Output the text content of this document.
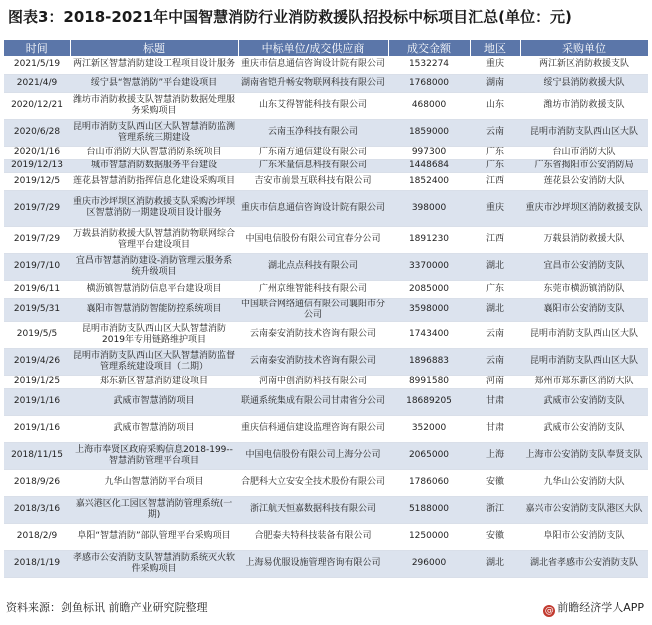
图表3：2018-2021年中国智慧消防行业消防救援队招投标中标项目汇总(单位：元)
时间	标题	中标单位/成交供应商	成交金额	地区	采购单位
2021/5/19	两江新区智慧消防建设工程项目设计服务	重庆市信息通信咨询设计院有限公司	1532274	重庆	两江新区消防救援支队
2021/4/9	绥宁县“智慧消防”平台建设项目	湖南省铠升畅安物联网科技有限公司	1768000	湖南	绥宁县消防救援大队
2020/12/21	潍坊市消防救援支队智慧消防数据处理服务采购项目	山东艾得智能科技有限公司	468000	山东	潍坊市消防救援支队
2020/6/28	昆明市消防支队西山区大队智慧消防监测管理系统三期建设	云南玉净科技有限公司	1859000	云南	昆明市消防支队西山区大队
2020/1/16	台山市消防大队智慧消防系统项目	广东南方通信建设有限公司	997300	广东	台山市消防大队
2019/12/13	城市智慧消防数据服务平台建设	广东米量信息科技有限公司	1448684	广东	广东省揭阳市公安消防局
2019/12/5	莲花县智慧消防指挥信息化建设采购项目	吉安市前景互联科技有限公司	1852400	江西	莲花县公安消防大队
2019/7/29	重庆市沙坪坝区消防救援支队采购沙坪坝区智慧消防一期建设项目设计服务	重庆市信息通信咨询设计院有限公司	398000	重庆	重庆市沙坪坝区消防救援支队
2019/7/29	万载县消防救援大队智慧消防物联网综合管理平台建设项目	中国电信股份有限公司宜春分公司	1891230	江西	万载县消防救援大队
2019/7/10	宜昌市智慧消防建设-消防管理云服务系统升级项目	湖北点点科技有限公司	3370000	湖北	宜昌市公安消防支队
2019/6/11	横沥镇智慧消防信息平台建设项目	广州京维智能科技有限公司	2085000	广东	东莞市横沥镇消防队
2019/5/31	襄阳市智慧消防智能防控系统项目	中国联合网络通信有限公司襄阳市分公司	3598000	湖北	襄阳市公安消防支队
2019/5/5	昆明市消防支队西山区大队智慧消防2019年专用链路维护项目	云南泰安消防技术咨询有限公司	1743400	云南	昆明市消防支队西山区大队
2019/4/26	昆明市消防支队西山区大队智慧消防监督管理系统建设项目（二期）	云南泰安消防技术咨询有限公司	1896883	云南	昆明市消防支队西山区大队
2019/1/25	郑东新区智慧消防建设项目	河南中创消防科技有限公司	8991580	河南	郑州市郑东新区消防大队
2019/1/16	武威市智慧消防项目	联通系统集成有限公司甘肃省分公司	18689205	甘肃	武威市公安消防支队
2019/1/16	武威市智慧消防项目	重庆信科通信建设监理咨询有限公司	352000	甘肃	武威市公安消防支队
2018/11/15	上海市奉贤区政府采购信息2018-199--智慧消防管理平台项目	中国电信股份有限公司上海分公司	2065000	上海	上海市公安消防支队奉贤支队
2018/9/26	九华山智慧消防平台项目	合肥科大立安安全技术股份有限公司	1786060	安徽	九华山公安消防大队
2018/3/16	嘉兴港区化工园区智慧消防管理系统(一期)	浙江航天恒嘉数据科技有限公司	5188000	浙江	嘉兴市公安消防支队港区大队
2018/2/9	阜阳“智慧消防”部队管理平台采购项目	合肥泰夫特科技装备有限公司	1250000	安徽	阜阳市公安消防支队
2018/1/19	孝感市公安消防支队智慧消防系统灭火软件采购项目	上海易优服设施管理咨询有限公司	296000	湖北	湖北省孝感市公安消防支队
资料来源：剑鱼标讯 前瞻产业研究院整理	@ 前瞻经济学人APP
